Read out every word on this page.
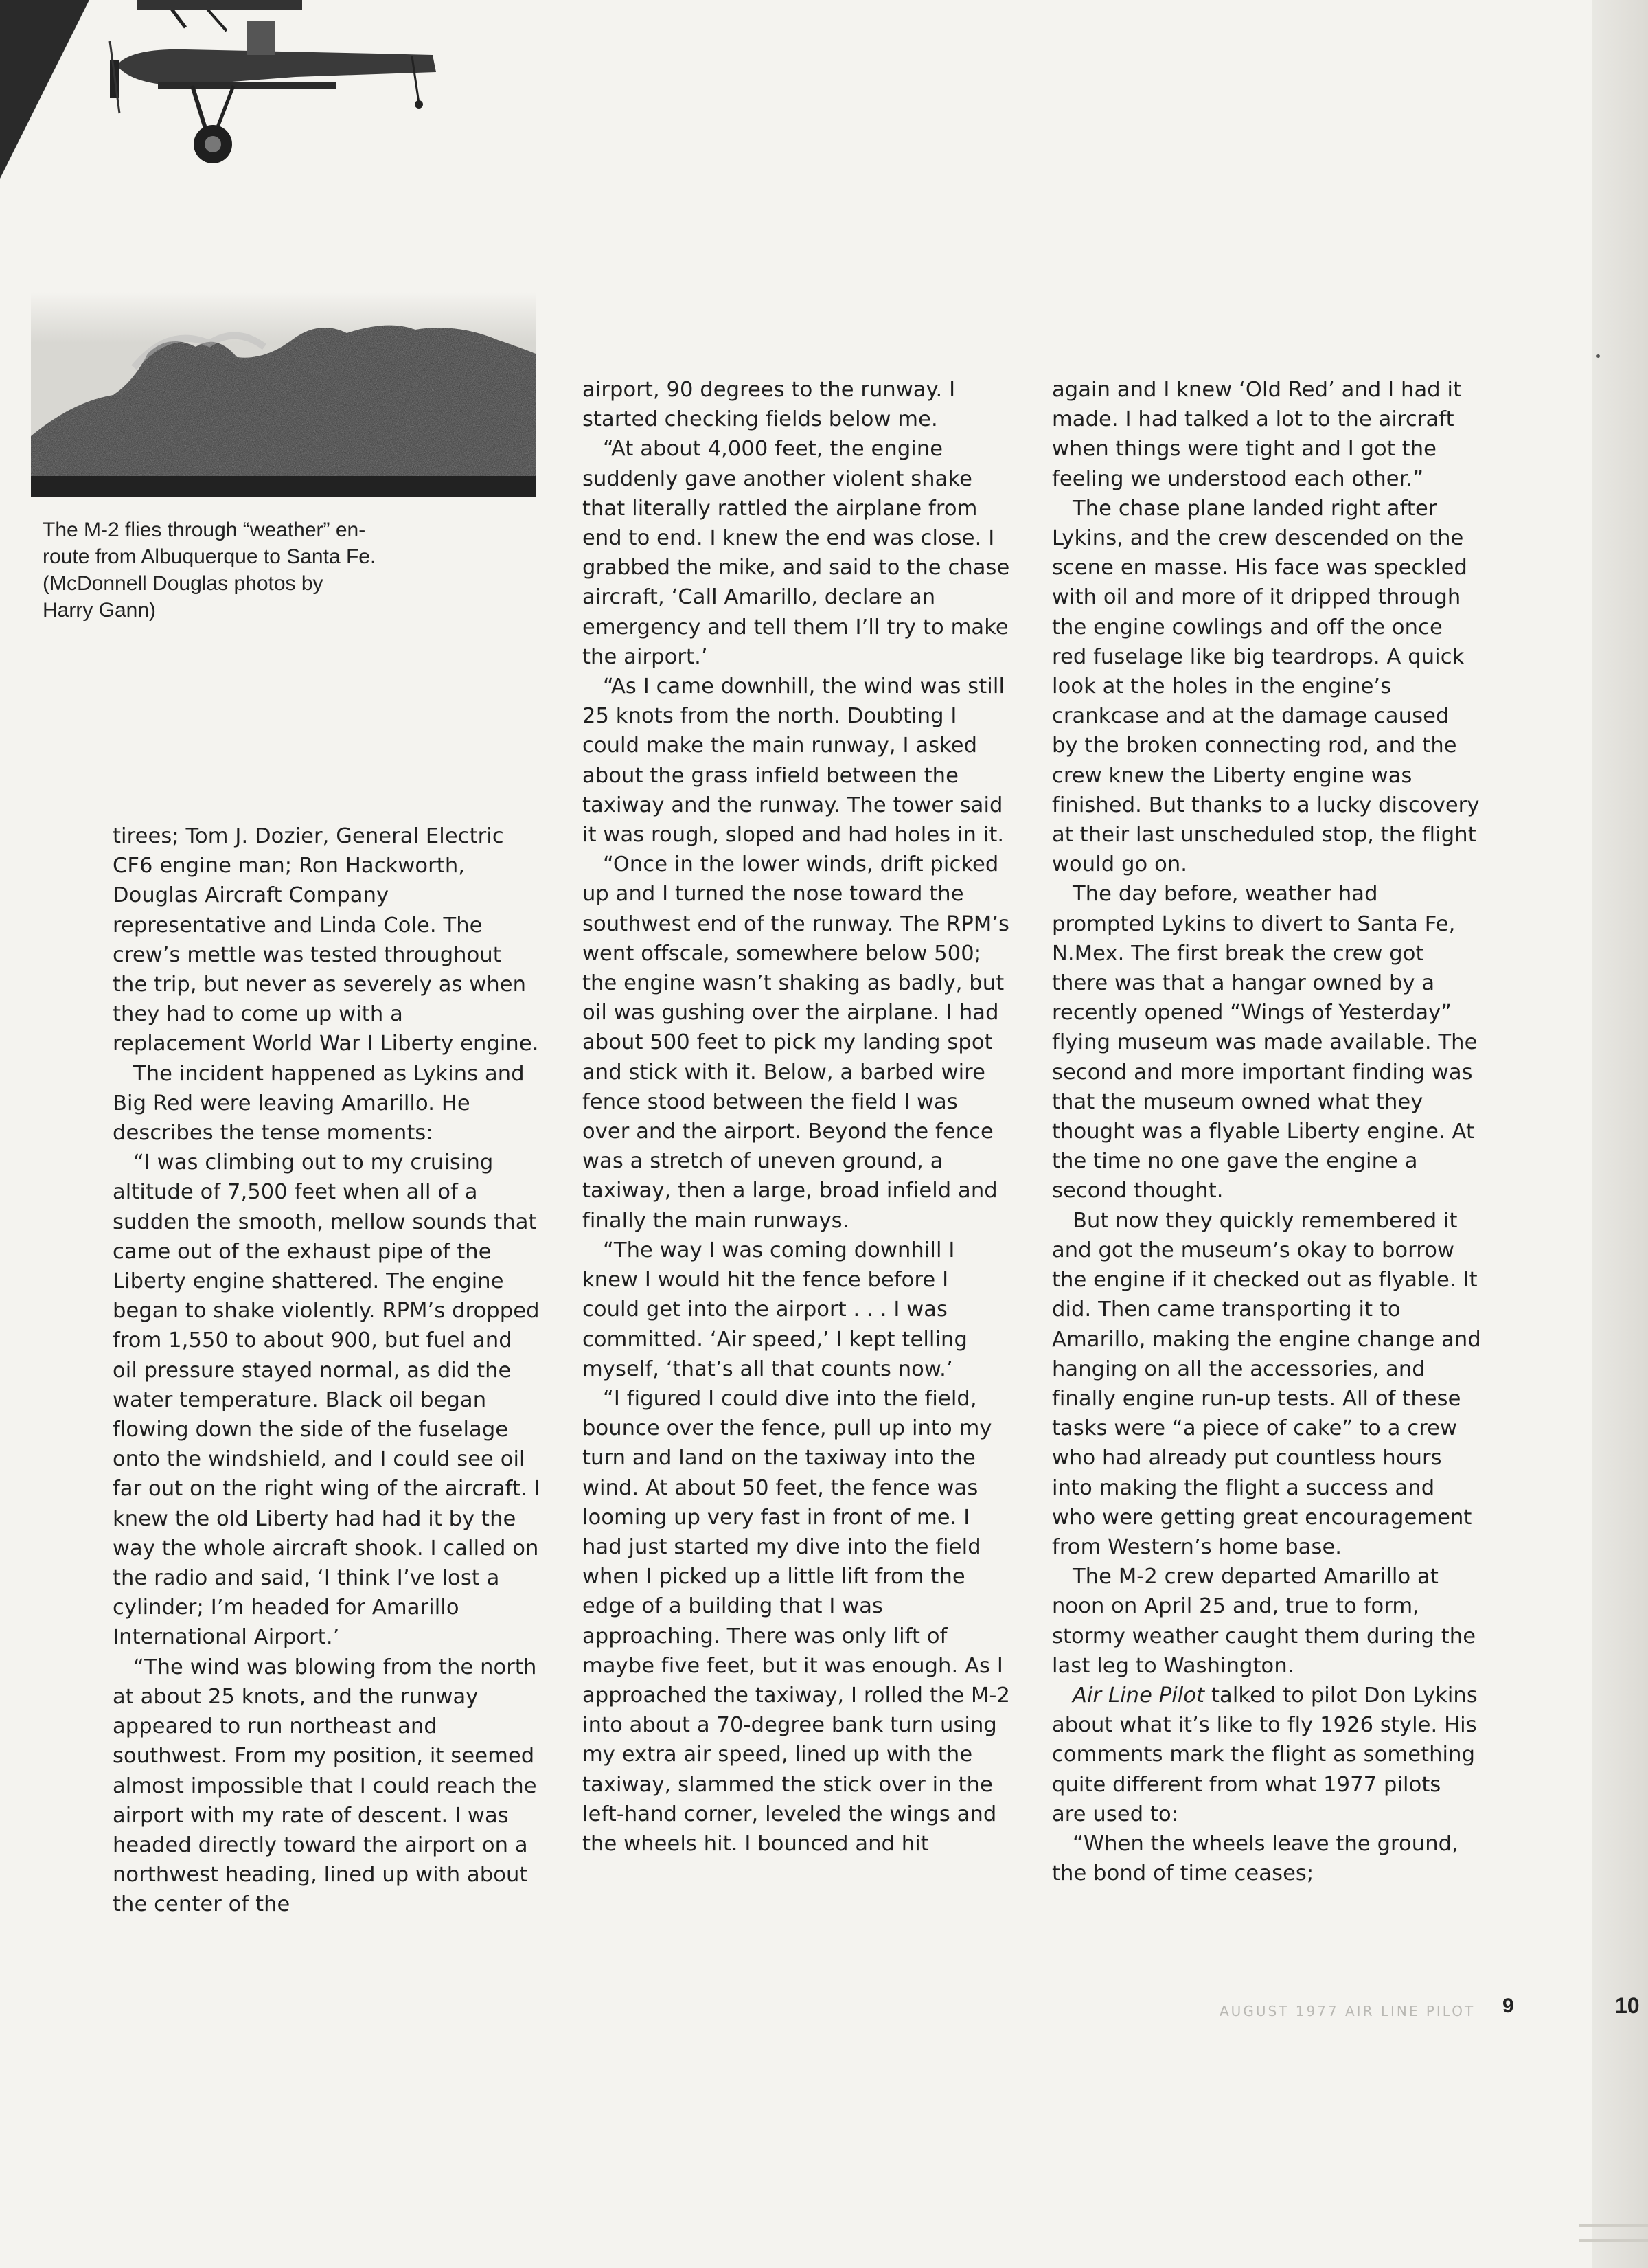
The M-2 flies through “weather” en-
route from Albuquerque to Santa Fe.
(McDonnell Douglas photos by
Harry Gann)

tirees; Tom J. Dozier, General Electric CF6 engine man; Ron Hackworth, Douglas Aircraft Company representative and Linda Cole. The crew’s mettle was tested throughout the trip, but never as severely as when they had to come up with a replacement World War I Liberty engine.

The incident happened as Lykins and Big Red were leaving Amarillo. He describes the tense moments:

“I was climbing out to my cruising altitude of 7,500 feet when all of a sudden the smooth, mellow sounds that came out of the exhaust pipe of the Liberty engine shattered. The engine began to shake violently. RPM’s dropped from 1,550 to about 900, but fuel and oil pressure stayed normal, as did the water temperature. Black oil began flowing down the side of the fuselage onto the windshield, and I could see oil far out on the right wing of the aircraft. I knew the old Liberty had had it by the way the whole aircraft shook. I called on the radio and said, ‘I think I’ve lost a cylinder; I’m headed for Amarillo International Airport.’

“The wind was blowing from the north at about 25 knots, and the runway appeared to run northeast and southwest. From my position, it seemed almost impossible that I could reach the airport with my rate of descent. I was headed directly toward the airport on a northwest heading, lined up with about the center of the

airport, 90 degrees to the runway. I started checking fields below me.

“At about 4,000 feet, the engine suddenly gave another violent shake that literally rattled the airplane from end to end. I knew the end was close. I grabbed the mike, and said to the chase aircraft, ‘Call Amarillo, declare an emergency and tell them I’ll try to make the airport.’

“As I came downhill, the wind was still 25 knots from the north. Doubting I could make the main runway, I asked about the grass infield between the taxiway and the runway. The tower said it was rough, sloped and had holes in it.

“Once in the lower winds, drift picked up and I turned the nose toward the southwest end of the runway. The RPM’s went offscale, somewhere below 500; the engine wasn’t shaking as badly, but oil was gushing over the airplane. I had about 500 feet to pick my landing spot and stick with it. Below, a barbed wire fence stood between the field I was over and the airport. Beyond the fence was a stretch of uneven ground, a taxiway, then a large, broad infield and finally the main runways.

“The way I was coming downhill I knew I would hit the fence before I could get into the airport . . . I was committed. ‘Air speed,’ I kept telling myself, ‘that’s all that counts now.’

“I figured I could dive into the field, bounce over the fence, pull up into my turn and land on the taxiway into the wind. At about 50 feet, the fence was looming up very fast in front of me. I had just started my dive into the field when I picked up a little lift from the edge of a building that I was approaching. There was only lift of maybe five feet, but it was enough. As I approached the taxiway, I rolled the M-2 into about a 70-degree bank turn using my extra air speed, lined up with the taxiway, slammed the stick over in the left-hand corner, leveled the wings and the wheels hit. I bounced and hit

again and I knew ‘Old Red’ and I had it made. I had talked a lot to the aircraft when things were tight and I got the feeling we understood each other.”

The chase plane landed right after Lykins, and the crew descended on the scene en masse. His face was speckled with oil and more of it dripped through the engine cowlings and off the once red fuselage like big teardrops. A quick look at the holes in the engine’s crankcase and at the damage caused by the broken connecting rod, and the crew knew the Liberty engine was finished. But thanks to a lucky discovery at their last unscheduled stop, the flight would go on.

The day before, weather had prompted Lykins to divert to Santa Fe, N.Mex. The first break the crew got there was that a hangar owned by a recently opened “Wings of Yesterday” flying museum was made available. The second and more important finding was that the museum owned what they thought was a flyable Liberty engine. At the time no one gave the engine a second thought.

But now they quickly remembered it and got the museum’s okay to borrow the engine if it checked out as flyable. It did. Then came transporting it to Amarillo, making the engine change and hanging on all the accessories, and finally engine run-up tests. All of these tasks were “a piece of cake” to a crew who had already put countless hours into making the flight a success and who were getting great encouragement from Western’s home base.

The M-2 crew departed Amarillo at noon on April 25 and, true to form, stormy weather caught them during the last leg to Washington.

Air Line Pilot talked to pilot Don Lykins about what it’s like to fly 1926 style. His comments mark the flight as something quite different from what 1977 pilots are used to:

“When the wheels leave the ground, the bond of time ceases;

AUGUST 1977 AIR LINE PILOT 9	10
